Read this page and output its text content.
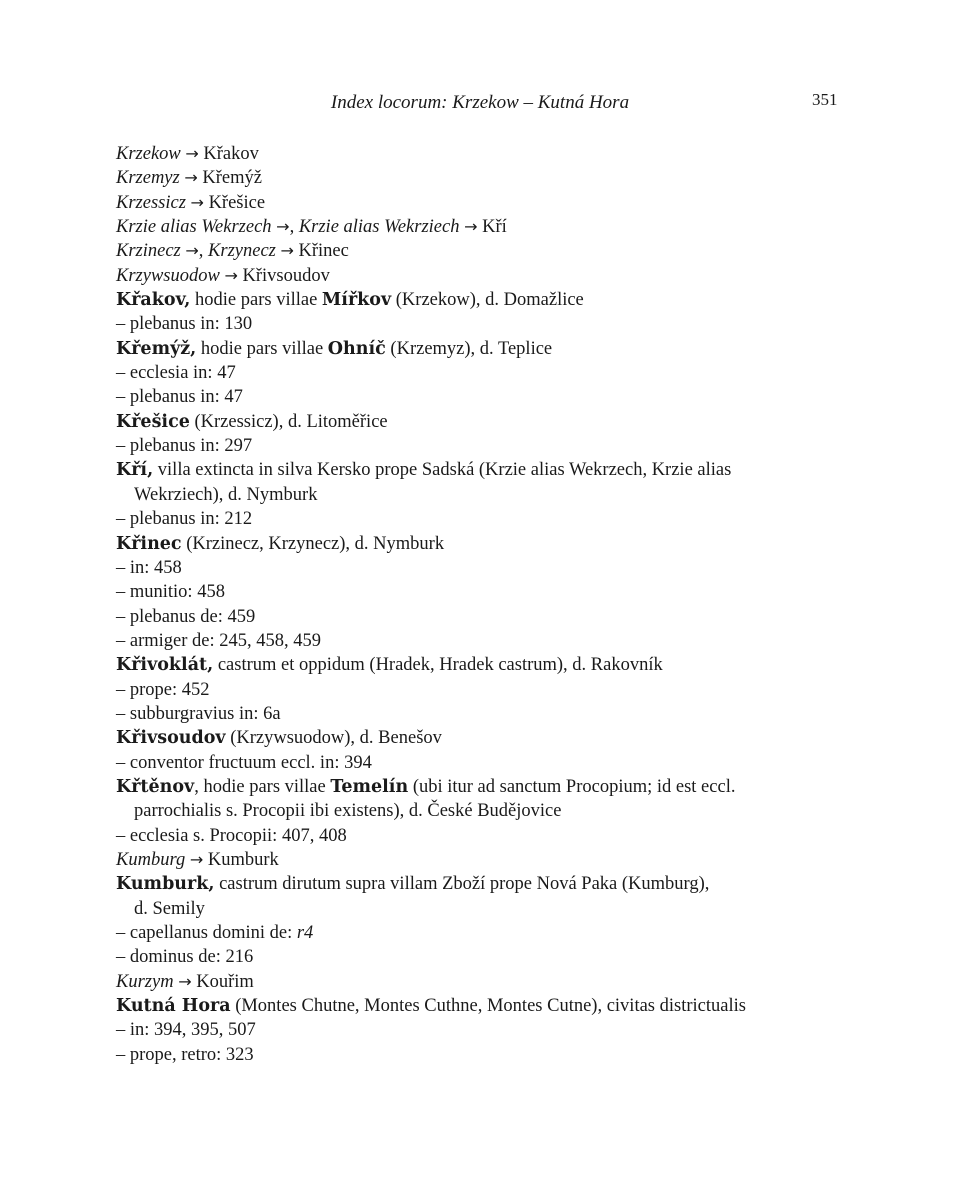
Index locorum: Krzekow – Kutná Hora	351
Krzekow → Křakov
Krzemyz → Křemýž
Krzessicz → Křešice
Krzie alias Wekrzech →, Krzie alias Wekrziech → Kří
Krzinecz →, Krzynecz → Křinec
Krzywsuodow → Křivsoudov
Křakov, hodie pars villae Mířkov (Krzekow), d. Domažlice
– plebanus in: 130
Křemýž, hodie pars villae Ohníč (Krzemyz), d. Teplice
– ecclesia in: 47
– plebanus in: 47
Křešice (Krzessicz), d. Litoměřice
– plebanus in: 297
Kří, villa extincta in silva Kersko prope Sadská (Krzie alias Wekrzech, Krzie alias
Wekrziech), d. Nymburk
– plebanus in: 212
Křinec (Krzinecz, Krzynecz), d. Nymburk
– in: 458
– munitio: 458
– plebanus de: 459
– armiger de: 245, 458, 459
Křivoklát, castrum et oppidum (Hradek, Hradek castrum), d. Rakovník
– prope: 452
– subburgravius in: 6a
Křivsoudov (Krzywsuodow), d. Benešov
– conventor fructuum eccl. in: 394
Křtěnov, hodie pars villae Temelín (ubi itur ad sanctum Procopium; id est eccl.
parrochialis s. Procopii ibi existens), d. České Budějovice
– ecclesia s. Procopii: 407, 408
Kumburg → Kumburk
Kumburk, castrum dirutum supra villam Zboží prope Nová Paka (Kumburg),
d. Semily
– capellanus domini de: r4
– dominus de: 216
Kurzym → Kouřim
Kutná Hora (Montes Chutne, Montes Cuthne, Montes Cutne), civitas districtualis
– in: 394, 395, 507
– prope, retro: 323
